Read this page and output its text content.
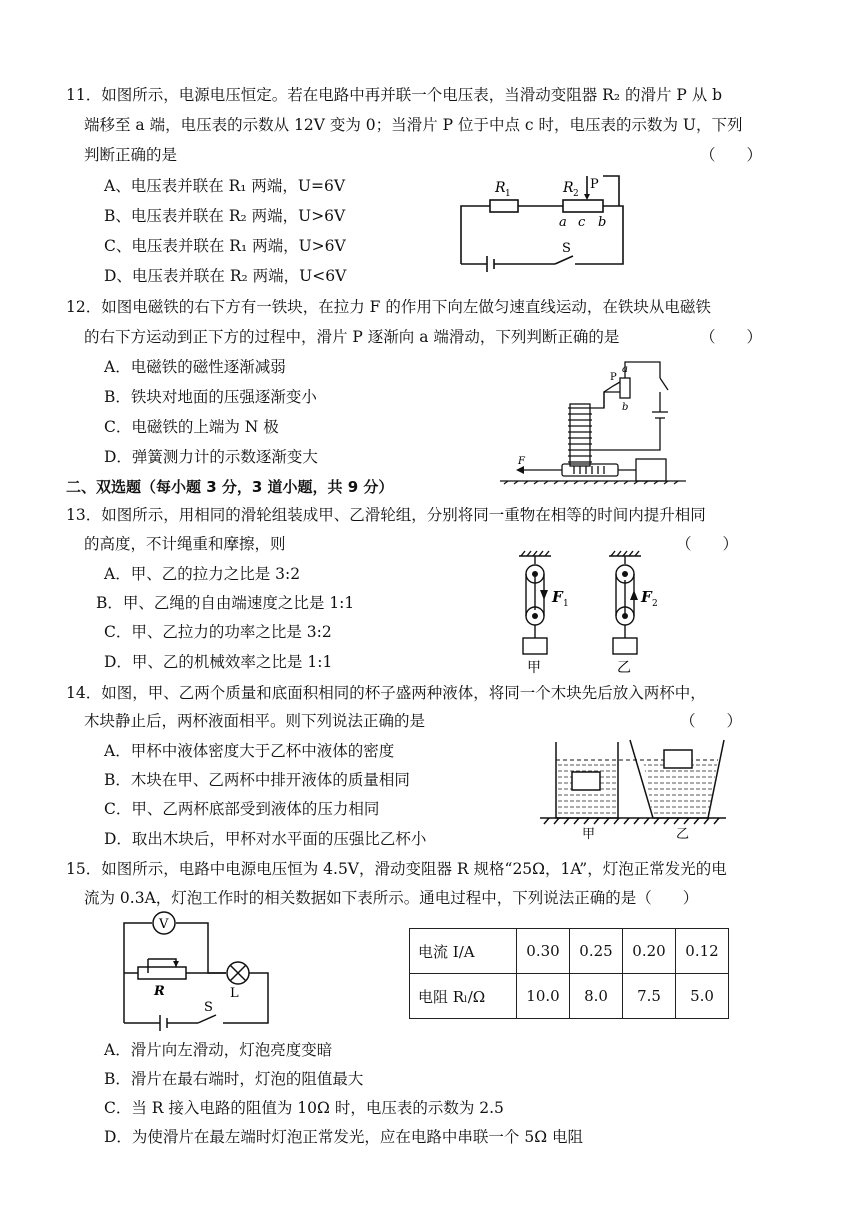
11．如图所示，电源电压恒定。若在电路中再并联一个电压表，当滑动变阻器 R₂ 的滑片 P 从 b
端移至 a 端，电压表的示数从 12V 变为 0；当滑片 P 位于中点 c 时，电压表的示数为 U，下列
判断正确的是	（　　）
A、电压表并联在 R₁ 两端，U=6V
B、电压表并联在 R₂ 两端，U>6V
C、电压表并联在 R₁ 两端，U>6V
D、电压表并联在 R₂ 两端，U<6V
R 1	R 2
P
a c b
S
12．如图电磁铁的右下方有一铁块，在拉力 F 的作用下向左做匀速直线运动，在铁块从电磁铁
的右下方运动到正下方的过程中，滑片 P 逐渐向 a 端滑动，下列判断正确的是	（　　）
A．电磁铁的磁性逐渐减弱
B．铁块对地面的压强逐渐变小
C．电磁铁的上端为 N 极
D．弹簧测力计的示数逐渐变大
a
P
b
F
二、双选题（每小题 3 分，3 道小题，共 9 分）
13．如图所示，用相同的滑轮组装成甲、乙滑轮组，分别将同一重物在相等的时间内提升相同
的高度，不计绳重和摩擦，则	（　　）
A．甲、乙的拉力之比是 3:2
B．甲、乙绳的自由端速度之比是 1:1
C．甲、乙拉力的功率之比是 3:2
D．甲、乙的机械效率之比是 1:1
F 1	F 2
甲	乙
14．如图，甲、乙两个质量和底面积相同的杯子盛两种液体，将同一个木块先后放入两杯中，
木块静止后，两杯液面相平。则下列说法正确的是	（　　）
A．甲杯中液体密度大于乙杯中液体的密度
B．木块在甲、乙两杯中排开液体的质量相同
C．甲、乙两杯底部受到液体的压力相同
D．取出木块后，甲杯对水平面的压强比乙杯小	甲	乙
15．如图所示，电路中电源电压恒为 4.5V，滑动变阻器 R 规格“25Ω，1A”，灯泡正常发光的电
流为 0.3A，灯泡工作时的相关数据如下表所示。通电过程中，下列说法正确的是（　　）
V
R	L
S
电流 I/A	0.30	0.25	0.20	0.12
电阻 Rₗ/Ω	10.0	8.0	7.5	5.0
A．滑片向左滑动，灯泡亮度变暗
B．滑片在最右端时，灯泡的阻值最大
C．当 R 接入电路的阻值为 10Ω 时，电压表的示数为 2.5
D．为使滑片在最左端时灯泡正常发光，应在电路中串联一个 5Ω 电阻
